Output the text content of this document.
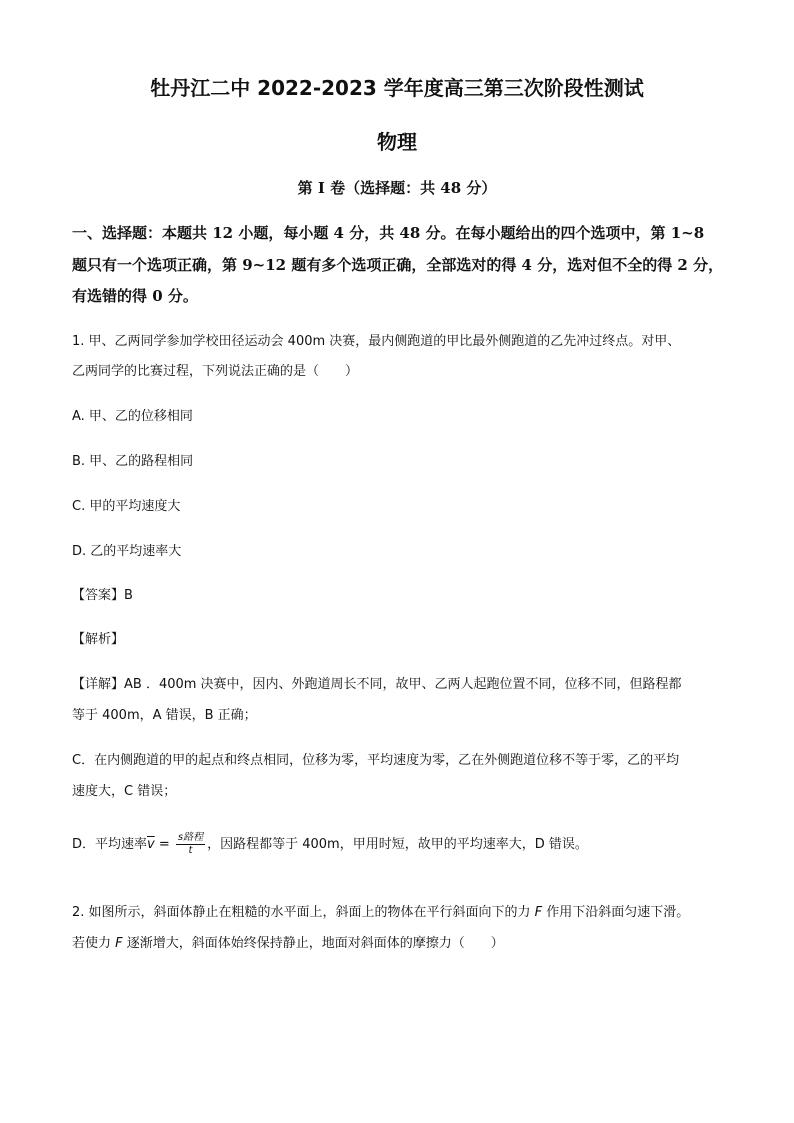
牡丹江二中 2022-2023 学年度高三第三次阶段性测试
物理
第 I 卷（选择题：共 48 分）
一、选择题：本题共 12 小题，每小题 4 分，共 48 分。在每小题给出的四个选项中，第 1~8
题只有一个选项正确，第 9~12 题有多个选项正确，全部选对的得 4 分，选对但不全的得 2 分，
有选错的得 0 分。
1. 甲、乙两同学参加学校田径运动会 400m 决赛，最内侧跑道的甲比最外侧跑道的乙先冲过终点。对甲、
乙两同学的比赛过程，下列说法正确的是（　　）
A. 甲、乙的位移相同
B. 甲、乙的路程相同
C. 甲的平均速度大
D. 乙的平均速率大
【答案】B
【解析】
【详解】AB ．400m 决赛中，因内、外跑道周长不同，故甲、乙两人起跑位置不同，位移不同，但路程都
等于 400m，A 错误，B 正确；
C．在内侧跑道的甲的起点和终点相同，位移为零，平均速度为零，乙在外侧跑道位移不等于零，乙的平均
速度大，C 错误；
D．平均速率$\overline{v} = \frac{\text{s路程}}{t}$ ，因路程都等于 400m，甲用时短，故甲的平均速率大，D 错误。
2. 如图所示，斜面体静止在粗糙的水平面上，斜面上的物体在平行斜面向下的力 F 作用下沿斜面匀速下滑。
若使力 F 逐渐增大，斜面体始终保持静止，地面对斜面体的摩擦力（　　）
